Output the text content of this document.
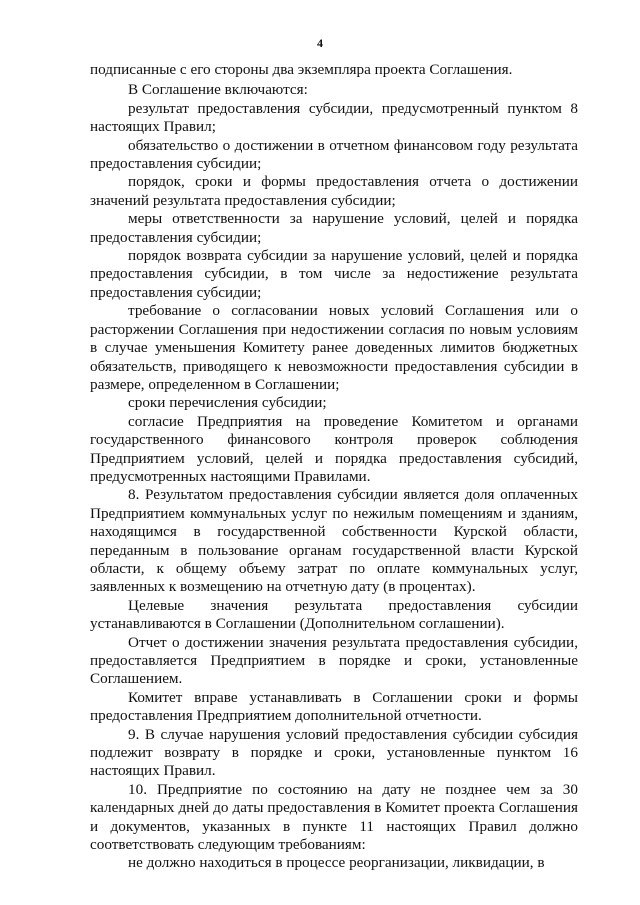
4

подписанные с его стороны два экземпляра проекта Соглашения.

В Соглашение включаются:

результат предоставления субсидии, предусмотренный пунктом 8 настоящих Правил;

обязательство о достижении в отчетном финансовом году результата предоставления субсидии;

порядок, сроки и формы предоставления отчета о достижении значений результата предоставления субсидии;

меры ответственности за нарушение условий, целей и порядка предоставления субсидии;

порядок возврата субсидии за нарушение условий, целей и порядка предоставления субсидии, в том числе за недостижение результата предоставления субсидии;

требование о согласовании новых условий Соглашения или о расторжении Соглашения при недостижении согласия по новым условиям в случае уменьшения Комитету ранее доведенных лимитов бюджетных обязательств, приводящего к невозможности предоставления субсидии в размере, определенном в Соглашении;

сроки перечисления субсидии;

согласие Предприятия на проведение Комитетом и органами государственного финансового контроля проверок соблюдения Предприятием условий, целей и порядка предоставления субсидий, предусмотренных настоящими Правилами.

8. Результатом предоставления субсидии является доля оплаченных Предприятием коммунальных услуг по нежилым помещениям и зданиям, находящимся в государственной собственности Курской области, переданным в пользование органам государственной власти Курской области, к общему объему затрат по оплате коммунальных услуг, заявленных к возмещению на отчетную дату (в процентах).

Целевые значения результата предоставления субсидии устанавливаются в Соглашении (Дополнительном соглашении).

Отчет о достижении значения результата предоставления субсидии, предоставляется Предприятием в порядке и сроки, установленные Соглашением.

Комитет вправе устанавливать в Соглашении сроки и формы предоставления Предприятием дополнительной отчетности.

9. В случае нарушения условий предоставления субсидии субсидия подлежит возврату в порядке и сроки, установленные пунктом 16 настоящих Правил.

10. Предприятие по состоянию на дату не позднее чем за 30 календарных дней до даты предоставления в Комитет проекта Соглашения и документов, указанных в пункте 11 настоящих Правил должно соответствовать следующим требованиям:

не должно находиться в процессе реорганизации, ликвидации, в
